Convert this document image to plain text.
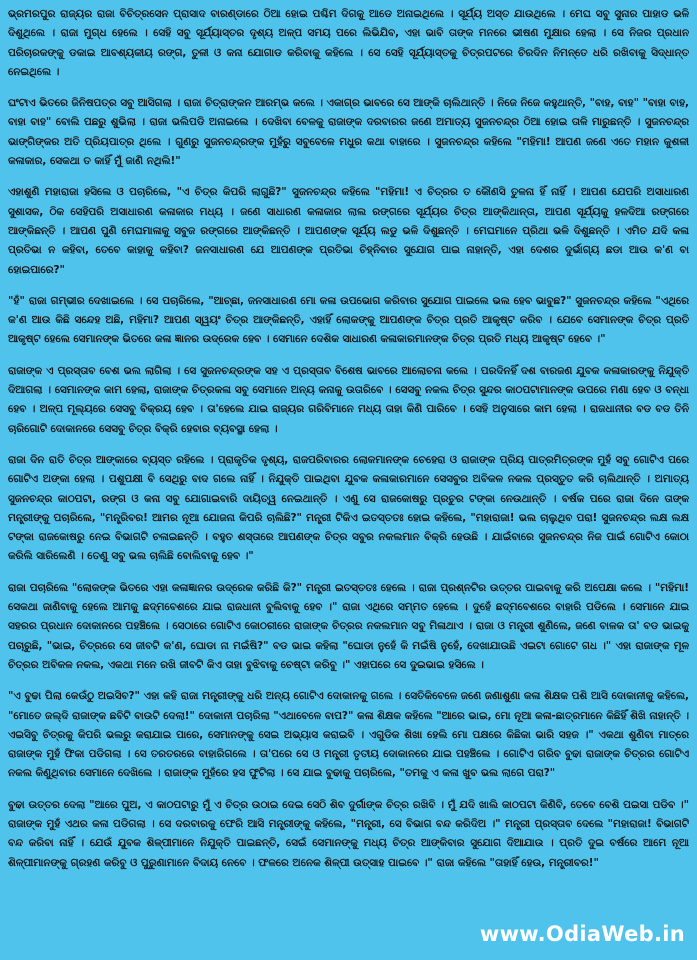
ଭ୍ରମରପୁର ରାଜ୍ୟର ରାଜା ବିଚିତ୍ରସେନ ପ୍ରାସାଦ ବାରଣ୍ଡାରେ ଠିଆ ହୋଇ ପଶ୍ଚିମ ଦିଗକୁ ଆଡେ ଅନାଇଥିଲେ । ସୂର୍ଯ୍ୟ ଅସ୍ତ ଯାଉଥିଲେ । ମେଘ ସବୁ ସୁନାର ପାହାଡ ଭଳି ଦିଶୁଥିଲେ । ରାଜା ମୁଗ୍ଧ ହେଲେ । ସେହି ସବୁ ସୂର୍ଯ୍ୟାସ୍ତର ଦୃଶ୍ୟ ଅଳ୍ପ ସମୟ ପରେ ଲିଭିଯିବ, ଏହା ଭାବି ତାଙ୍କ ମନରେ ଭୀଷଣ ମୁକ୍ଷାର ହେଲା । ସେ ନିଜର ପ୍ରଧାନ ପରିଚାରକଙ୍କୁ ଡକାଇ ଆବଶ୍ୟକୀୟ ରଙ୍ଗ, ତୁଳୀ ଓ କନା ଯୋଗାଡ କରିବାକୁ କହିଲେ । ସେ ସେହି ସୂର୍ଯ୍ୟାସ୍ତକୁ ଚିତ୍ରପଟରେ ଚିରଦିନ ନିମନ୍ତେ ଧରି ରଖିବାକୁ ସିଦ୍ଧାନ୍ତ ନେଇଥିଲେ ।

ଘଂଟାଏ ଭିତରେ ଜିନିଷପତ୍ର ସବୁ ଆସିଗଲା । ରାଜା ଚିତ୍ରାଙ୍କନ ଆରମ୍ଭ କଲେ । ଏକାଗ୍ର ଭାବରେ ସେ ଆଙ୍କି ଚାଲିଥାନ୍ତି । ନିଜେ ନିଜେ କହୁଥାନ୍ତି, "ବାହ, ବାହ" "ବାହା ବାହ, ବାହା ବାହ" ବୋଲି ପଛରୁ ଶୁଭିଲା । ରାଜା ଭଲିପଡି ଅନାଇଲେ । ଦେଖିବା ବେଳକୁ ରାଜାଙ୍କ ଦରବାରର ଜଣେ ଅମାତ୍ୟ ସୁଜନଚନ୍ଦ୍ର ଠିଆ ହୋଇ ତାଳି ମାରୁଛନ୍ତି । ସୁଜନଚନ୍ଦ୍ର ଭାଙ୍ଗିଙ୍କର ଅତି ପ୍ରିୟପାତ୍ର ଥିଲେ । ଗୁଣରୁ ସୁଜନଚନ୍ଦ୍ରଙ୍କ ମୁହଁରୁ ସବୁବେଳେ ମଧୁର କଥା ବାହାରେ । ସୁଜନଚନ୍ଦ୍ର କହିଲେ "ମହିମା! ଆପଣ ଜଣେ ଏତେ ମହାନ କୁଶଳୀ କଳାକାର, ସେକଥା ତ କାହିଁ ମୁଁ ଜାଣି ନଥିଲି!"

ଏହାଶୁଣି ମହାରାଜା ହସିଲେ ଓ ପଚାରିଲେ, "ଏ ଚିତ୍ର କିପରି ଲାଗୁଛି?" ସୁଜନଚନ୍ଦ୍ର କହିଲେ "ମହିମା! ଏ ଚିତ୍ରର ତ କୌଣସି ତୁଳନା ହିଁ ନାହିଁ । ଆପଣ ଯେପରି ଅସାଧାରଣ ସୁଶାସକ, ଠିକ ସେହିପରି ଅସାଧାରଣ କଳାକାର ମଧ୍ୟ । ଜଣେ ସାଧାରଣ କଳାକାର ଲାଲ ରଙ୍ଗରେ ସୂର୍ଯ୍ୟର ଚିତ୍ର ଆଙ୍କିଥାନ୍ତା, ଆପଣ ସୂର୍ଯ୍ୟକୁ ହଳଦିଆ ରଙ୍ଗରେ ଆଙ୍କିଛନ୍ତି । ଆପଣ ପୁଣି ମେଘମାଳାକୁ ସବୁଜ ରଙ୍ଗରେ ଆଙ୍କିଛନ୍ତି । ଆପଣଙ୍କ ସୂର୍ଯ୍ୟ ଲଡୁ ଭଳି ଦିଶୁଛନ୍ତି । ମେଘମାନେ ପ୍ରିଥା ଭଳି ଦିଶୁଛନ୍ତି । ଏମିତ ଯଦି କଳା ପ୍ରତିଭା ନ କହିବା, ତେବେ କାହାକୁ କହିବା? ଜନସାଧାରଣ ଯେ ଆପଣଙ୍କ ପ୍ରତିଭା ଚିହ୍ନିବାର ସୁଯୋଗ ପାଇ ନାହାନ୍ତି, ଏହା ଦେଶର ଦୁର୍ଭାଗ୍ୟ ଛଡା ଆଉ କ'ଣ ବା ହୋଇପାରେ?"

"ହଁ" ରାଜା ଗମ୍ଭୀର ଦେଖାଇଲେ । ସେ ପଚାରିଲେ, "ଆଚ୍ଛା, ଜନସାଧାରଣ ମୋ କଳା ଉପଭୋଗ କରିବାର ସୁଯୋଗ ପାଇଲେ ଭଲ ହେବ ଭାବୁଛ?" ସୁଜନଚନ୍ଦ୍ର କହିଲେ "ଏଥିରେ କ'ଣ ଆଉ କିଛି ସନ୍ଦେହ ଅଛି, ମହିମା? ଆପଣ ସ୍ୱୟଂ ଚିତ୍ର ଆଙ୍କିଛନ୍ତି, ଏହାହିଁ ଲୋକଙ୍କୁ ଆପଣଙ୍କ ଚିତ୍ର ପ୍ରତି ଆକୃଷ୍ଟ କରିବ । ଯେବେ ସେମାନଙ୍କ ଚିତ୍ର ପ୍ରତି ଆକୃଷ୍ଟ ହେଲେ ସେମାନଙ୍କ ଭିତରେ କଳା ଜ୍ଞାନର ଉଦ୍ରେକ ହେବ । ସେମାନେ ଦେଶିକ ସାଧାରଣ କଳାକାରମାନଙ୍କ ଚିତ୍ର ପ୍ରତି ମଧ୍ୟ ଆକୃଷ୍ଟ ହେବେ ।"

ରାଜାଙ୍କ ଏ ପ୍ରସ୍ତାବ ବେଶ ଭଲ ଲାଗିଲା । ସେ ସୁଜନଚନ୍ଦ୍ରଙ୍କ ସହ ଏ ପ୍ରସ୍ତାବ ବିଶେଷ ଭାବରେ ଆଲୋଚନା କଲେ । ପରଦିନହିଁ ଦଶ ବାରଜଣ ଯୁବକ କଳାକାରଙ୍କୁ ନିଯୁକ୍ତି ଦିଆଗଲା । ସେମାନଙ୍କ କାମ ହେଲା, ରାଜାଙ୍କ ଚିତ୍ରକଳା ସବୁ ସେମାନେ ଅନ୍ୟ କନାକୁ ଉତାରିବେ । ସେସବୁ ନକଲ ଚିତ୍ର ସୁନ୍ଦର କାଠପଟାମାନଙ୍କ ଉପରେ ମଣା ହେବ ଓ ବନ୍ଧା ହେବ । ଅଳ୍ପ ମୂଲ୍ୟରେ ସେସବୁ ବିକ୍ରୟ ହେବ । ତା'ହେଲେ ଯାଇ ରାଜ୍ୟର ଗରିବିମାନେ ମଧ୍ୟ ତାହା କିଣି ପାରିବେ । ସେହି ଅନୁସାରେ କାମ ହେଲା । ରାଜଧାନୀର ବଡ ବଡ ତିନି ଚାରିଗୋଟି ଦୋକାନରେ ସେସବୁ ଚିତ୍ର ବିକ୍ରି ହେବାର ବ୍ୟବସ୍ଥା ହେଲା ।

ରାଜା ଦିନ ରାତି ଚିତ୍ର ଆଙ୍କାରେ ବ୍ୟସ୍ତ ରହିଲେ । ପ୍ରାକୃତିକ ଦୃଶ୍ୟ, ରାଜପରିବାରର ଲୋକମାନଙ୍କ ଚେହେରା ଓ ରାଜାଙ୍କ ପ୍ରିୟ ପାତ୍ରମିତ୍ରଙ୍କ ମୁହଁ ସବୁ ଗୋଟିଏ ପରେ ଗୋଟିଏ ଅଙ୍କା ହେଲା । ପଶୁପକ୍ଷୀ ବି ସେଥିରୁ ବାଦ ଗଲେ ନାହିଁ । ନିଯୁକ୍ତି ପାଇଥିବା ଯୁବକ କଳାକାରମାନେ ସେସବୁର ଅବିକଳ ନକଲ ପ୍ରସ୍ତୁତ କରି ଚାଲିଥାନ୍ତି । ଅମାତ୍ୟ ସୁଜନଚନ୍ଦ୍ର କାଠପଟା, ରଙ୍ଗ ଓ କନା ସବୁ ଯୋଗାଇବାରି ଦାୟିତ୍ୱ ନେଇଥାନ୍ତି । ଏଣୁ ସେ ରାଜକୋଷରୁ ପ୍ରଚୁର ଟଙ୍କା ନେଉଥାନ୍ତି । ବର୍ଷକ ପରେ ରାଜା ଦିନେ ତାଙ୍କ ମନ୍ତ୍ରୀଙ୍କୁ ପଚାରିଲେ, "ମନ୍ତ୍ରିବର! ଆମର ନୂଆ ଯୋଜନା କିପରି ଚାଲିଛି?" ମନ୍ତ୍ରୀ ଟିକିଏ ଇତସ୍ତତଃ ହୋଇ କହିଲେ, "ମହାରାଜା! ଭଲ ଚାଲୁଥିବ ପରା! ସୁଜନଚନ୍ଦ୍ର ଲକ୍ଷ ଲକ୍ଷ ଟଙ୍କା ରାଜକୋଷରୁ ନେଇ ବିଭାଗଟି ଚଳାଇଛନ୍ତି । ବହୁତ ଶସ୍ତାରେ ଆପଣଙ୍କ ଚିତ୍ର ସବୁର ନକଲମାନ ବିକ୍ରି ହେଉଛି । ଯାଇଁବାରେ ସୁଜନଚନ୍ଦ୍ର ନିଜ ପାଇଁ ଗୋଟିଏ କୋଠା କରିଲି ସାରିଲେଣି । ତେଣୁ ସବୁ ଭଲ ଚାଲିଛି ବୋଲିବାକୁ ହେବ ।"

ରାଜା ପଚାରିଲେ "ଲୋକଙ୍କ ଭିତରେ ଏହା କଳାଜ୍ଞାନର ଉଦ୍ରେକ କରିଛି କି?" ମନ୍ତ୍ରୀ ଇତସ୍ତତଃ ହେଲେ । ରାଜା ପ୍ରଶ୍ନଟିର ଉତ୍ତର ପାଇବାକୁ କରି ଅପେକ୍ଷା କଲେ । "ମହିମା! ସେକଥା ଜାଣିବାକୁ ହେଲେ ଆମକୁ ଛଦ୍ମବେଶରେ ଯାଇ ରାଜଧାନୀ ବୁଲିବାକୁ ହେବ ।" ରାଜା ଏଥିରେ ସମ୍ମତ ହେଲେ । ଦୁହେଁ ଛଦ୍ମବେଶରେ ବାହାରି ପଡିଲେ । ସେମାନେ ଯାଇ ସହରର ପ୍ରଧାନ ଦୋକାନରେ ପହଞ୍ଚିଲେ । ସେଠାରେ ଗୋଟିଏ କୋଠରୀରେ ରାଜାଙ୍କ ଚିତ୍ରର ନକଲମାନ ସବୁ ମିଳାଥାଏ । ରାଜା ଓ ମନ୍ତ୍ରୀ ଶୁଣିଲେ, ଜଣେ ବାଳକ ତା' ବଡ ଭାଇକୁ ପଚାରୁଛି, "ଭାଇ, ଚିତ୍ରରେ ସେ ଜୀବଟି କ'ଣ, ଘୋଡା ନା ମଇଁଷି?" ବଡ ଭାଇ କହିଲା "ଘୋଡା ନୁହେଁ କି ମଇଁଷି ନୁହେଁ, ଦେଖାଯାଉଛି ଏଇଟା ଗୋଟେ ଗଧ ।" ଏହା ରାଜାଙ୍କ ମୂଳ ଚିତ୍ରର ଅବିକଳ ନକଲ, ଏକଥା ମନେ ରଖି ଜୀବଟି କିଏ ତାହା ବୁଝିବାକୁ ଚେଷ୍ଟା କରିବୁ ।" ଏହାପରେ ସେ ଦୁଇଭାଇ ହସିଲେ ।

"ଏ ବୁଢା ପିଲା କେଉଁଠୁ ଅଇସିବ?" ଏହା କହି ରାଜା ମନ୍ତ୍ରୀଙ୍କୁ ଧରି ଅନ୍ୟ ଗୋଟିଏ ଦୋକାନକୁ ଗଲେ । ସେତିକିବେଳେ ଜଣେ ଜଣାଶୁଣା କଳା ଶିକ୍ଷକ ପଶି ଆସି ଦୋକାନୀକୁ କହିଲେ, "ମୋତେ ଜଲ୍ଦି ରାଜାଙ୍କ ଛବିଟି ବାଉଟି ଦେଲା!" ଦୋକାନୀ ପଚାରିଲା "ଏଥାବେଳେ ବାପ?" କଳା ଶିକ୍ଷକ କହିଲେ "ଆରେ ଭାଇ, ମୋ ନୂଆ କଳା-ଛାତ୍ରମାନେ କିଛିହିଁ ଶିଖି ନାହାନ୍ତି । ଏଇସିବୁ ଚିତ୍ରକୁ କିପରି ଭଲରୁ କରାଯାଇ ପାରେ, ସେମାନଙ୍କୁ ସେଇ ଅଭ୍ୟାସ କରାଇବି । ଏଗୁଡିକ ଶିଖା ହେଲି ମୋ ପକ୍ଷରେ କିଛିକା ଭାରି ସହଜ ।" ଏକଥା ଶୁଣିବା ମାତ୍ରେ ରାଜାଙ୍କ ମୁହଁ ଫିକା ପଡିଗଲା । ସେ ତରତରରେ ବାହାରିଗଲେ । ତା'ପରେ ସେ ଓ ମନ୍ତ୍ରୀ ତୃତୀୟ ଦୋକାନରେ ଯାଇ ପହଞ୍ଚିଲେ । ଗୋଟିଏ ଗରିବ ବୁଢା ରାଜାଙ୍କ ଚିତ୍ରର ଗୋଟିଏ ନକଲ କିଣୁଥିବାର ସେମାନେ ଦେଖିଲେ । ରାଜାଙ୍କ ମୁହଁରେ ହସ ଫୁଟିଲା । ସେ ଯାଇ ବୁଢାକୁ ପଚାରିଲେ, "ତମକୁ ଏ କଳା ଖୁବ ଭଲ ଲାଗେ ପରା?"

ବୁଢା ଉତ୍ତର ଦେଲା "ଆରେ ପୁଅ, ଏ କାଠପଟାରୁ ମୁଁ ଏ ଚିତ୍ର ଉଠାଇ ଦେଇ ସେଠି ଶିବ ଦୁର୍ଗାଙ୍କ ଚିତ୍ର ରଖିବି । ମୁଁ ଯଦି ଖାଲି କାଠପଟା କିଣିବି, ତେବେ ବେଶି ପଇସା ପଡିବ ।" ରାଜାଙ୍କ ମୁହଁ ଏଥର କଳା ପଡିଗଲା । ସେ ଦରବାରକୁ ଫେରି ଆସି ମନ୍ତ୍ରୀଙ୍କୁ କହିଲେ, "ମନ୍ତ୍ରୀ, ସେ ବିଭାଗ ବନ୍ଦ କରିଦିଅ ।" ମନ୍ତ୍ରୀ ପ୍ରସ୍ତାବ ଦେଲେ "ମହାରାଜା! ବିଭାଗଟି ବନ୍ଦ କରିବା ନାହିଁ । ଯେଉଁ ଯୁବକ ଶିଳ୍ପୀମାନେ ନିଯୁକ୍ତି ପାଇଛନ୍ତି, ସେଇଁ ସେମାନଙ୍କୁ ମଧ୍ୟ ଚିତ୍ର ଆଙ୍କିବାର ସୁଯୋଗ ଦିଆଯାଉ । ପ୍ରତି ଦୁଇ ବର୍ଷରେ ଆମେ ନୂଆ ଶିଳ୍ପୀମାନଙ୍କୁ ଗ୍ରହଣ କରିବୁ ଓ ପୁରୁଣାମାନେ ବିଦାୟ ନେବେ । ଫଳରେ ଅନେକ ଶିଳ୍ପୀ ଉତ୍ସାହ ପାଇବେ ।" ରାଜା କହିଲେ "ତାହାହିଁ ହେଉ, ମନ୍ତ୍ରୀବର!"

www.OdiaWeb.in
